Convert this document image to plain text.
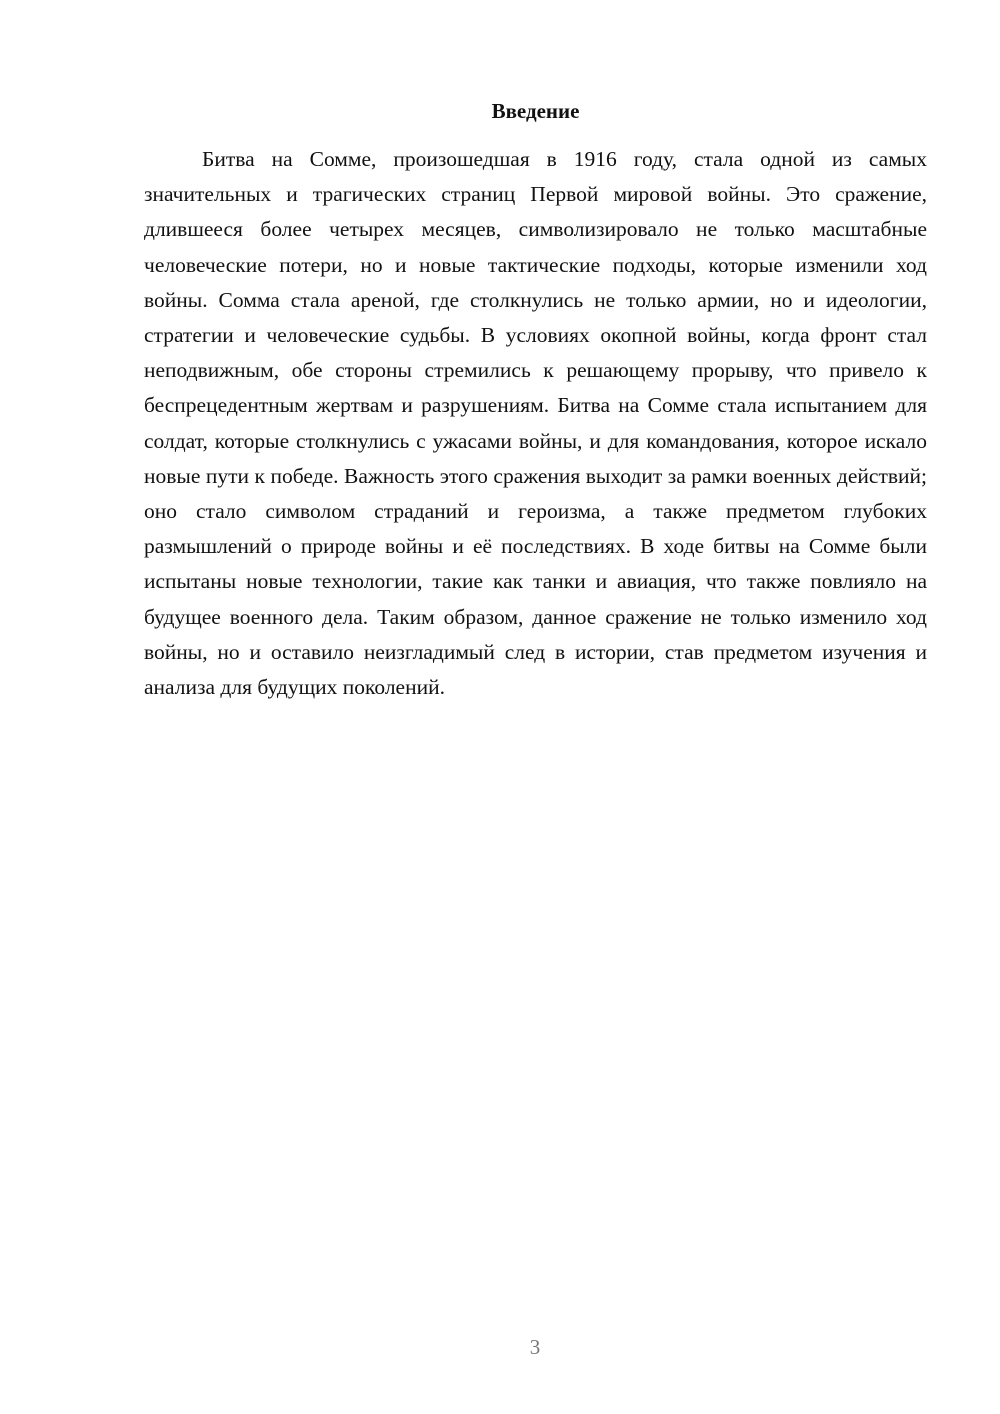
Введение

Битва на Сомме, произошедшая в 1916 году, стала одной из самых значительных и трагических страниц Первой мировой войны. Это сражение, длившееся более четырех месяцев, символизировало не только масштабные человеческие потери, но и новые тактические подходы, которые изменили ход войны. Сомма стала ареной, где столкнулись не только армии, но и идеологии, стратегии и человеческие судьбы. В условиях окопной войны, когда фронт стал неподвижным, обе стороны стремились к решающему прорыву, что привело к беспрецедентным жертвам и разрушениям. Битва на Сомме стала испытанием для солдат, которые столкнулись с ужасами войны, и для командования, которое искало новые пути к победе. Важность этого сражения выходит за рамки военных действий; оно стало символом страданий и героизма, а также предметом глубоких размышлений о природе войны и её последствиях. В ходе битвы на Сомме были испытаны новые технологии, такие как танки и авиация, что также повлияло на будущее военного дела. Таким образом, данное сражение не только изменило ход войны, но и оставило неизгладимый след в истории, став предметом изучения и анализа для будущих поколений.

3
